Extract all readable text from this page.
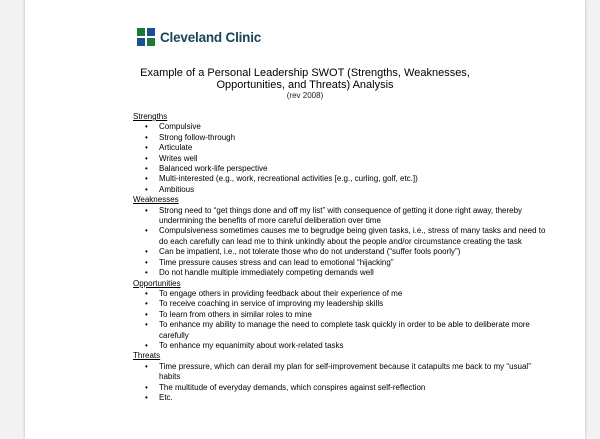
Cleveland Clinic
Example of a Personal Leadership SWOT (Strengths, Weaknesses,
Opportunities, and Threats) Analysis
(rev 2008)
Strengths
• Compulsive
• Strong follow-through
• Articulate
• Writes well
• Balanced work-life perspective
• Multi-interested (e.g., work, recreational activities [e.g., curling, golf, etc.])
• Ambitious
Weaknesses
• Strong need to “get things done and off my list” with consequence of getting it done right away, thereby undermining the benefits of more careful deliberation over time
• Compulsiveness sometimes causes me to begrudge being given tasks, i.e., stress of many tasks and need to do each carefully can lead me to think unkindly about the people and/or circumstance creating the task
• Can be impatient, i.e., not tolerate those who do not understand (“suffer fools poorly”)
• Time pressure causes stress and can lead to emotional “hijacking”
• Do not handle multiple immediately competing demands well
Opportunities
• To engage others in providing feedback about their experience of me
• To receive coaching in service of improving my leadership skills
• To learn from others in similar roles to mine
• To enhance my ability to manage the need to complete task quickly in order to be able to deliberate more carefully
• To enhance my equanimity about work-related tasks
Threats
• Time pressure, which can derail my plan for self-improvement because it catapults me back to my “usual” habits
• The multitude of everyday demands, which conspires against self-reflection
• Etc.
